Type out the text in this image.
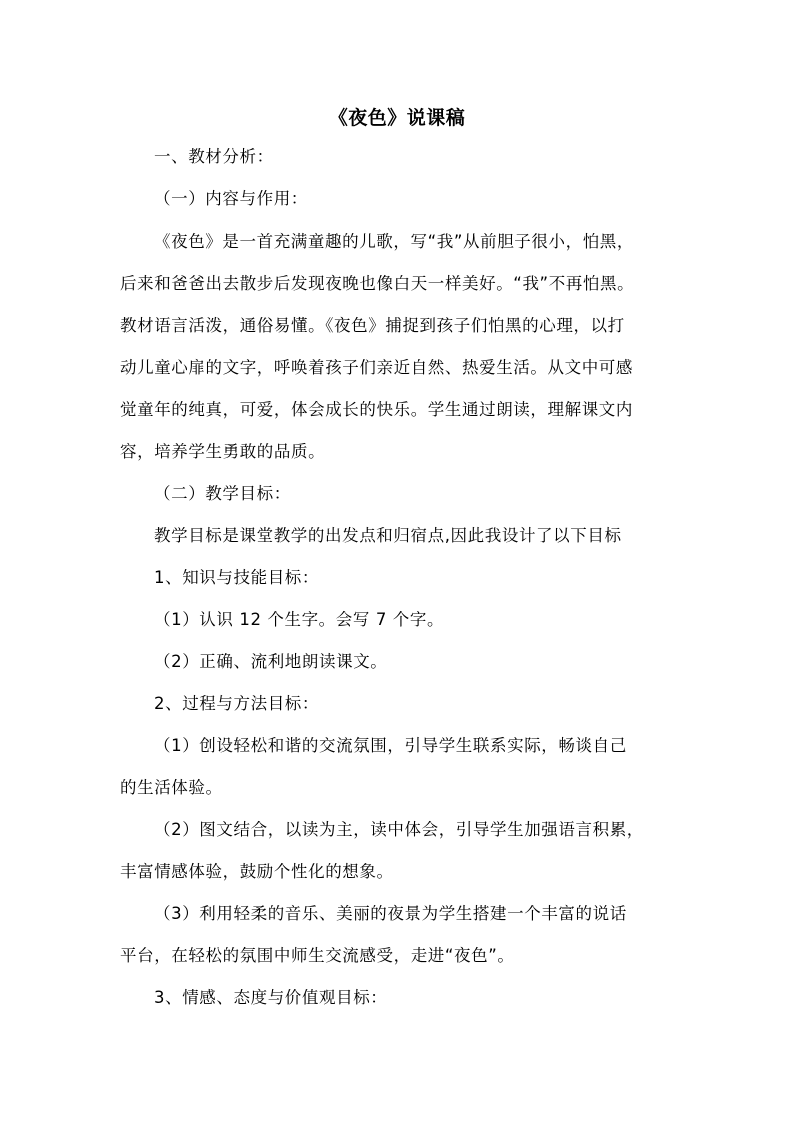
《夜色》说课稿
一、教材分析：
（一）内容与作用：
《夜色》是一首充满童趣的儿歌，写“我”从前胆子很小，怕黑，
后来和爸爸出去散步后发现夜晚也像白天一样美好。“我”不再怕黑。
教材语言活泼，通俗易懂。《夜色》捕捉到孩子们怕黑的心理，以打
动儿童心扉的文字，呼唤着孩子们亲近自然、热爱生活。从文中可感
觉童年的纯真，可爱，体会成长的快乐。学生通过朗读，理解课文内
容，培养学生勇敢的品质。
（二）教学目标：
教学目标是课堂教学的出发点和归宿点,因此我设计了以下目标
1、知识与技能目标：
（1）认识 12 个生字。会写 7 个字。
（2）正确、流利地朗读课文。
2、过程与方法目标：
（1）创设轻松和谐的交流氛围，引导学生联系实际，畅谈自己
的生活体验。
（2）图文结合，以读为主，读中体会，引导学生加强语言积累，
丰富情感体验，鼓励个性化的想象。
（3）利用轻柔的音乐、美丽的夜景为学生搭建一个丰富的说话
平台，在轻松的氛围中师生交流感受，走进“夜色”。
3、情感、态度与价值观目标：
